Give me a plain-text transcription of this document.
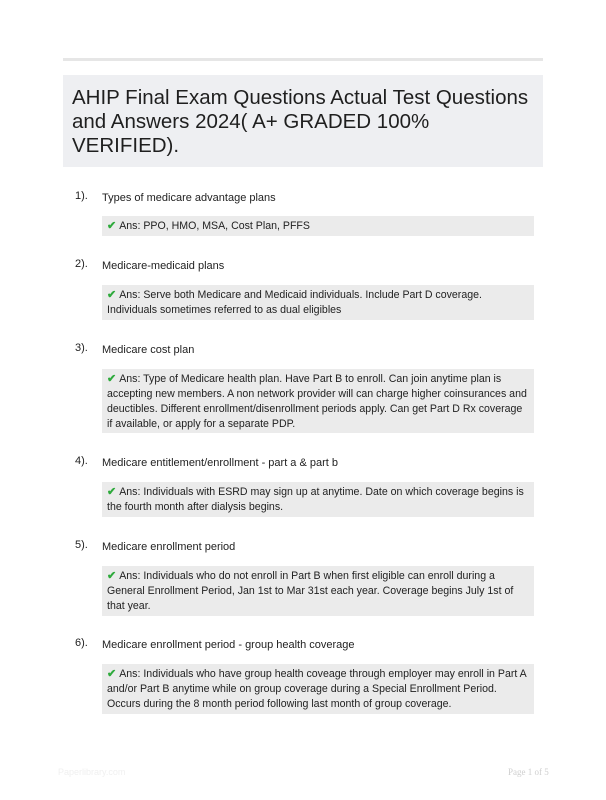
AHIP Final Exam Questions Actual Test Questions and Answers 2024( A+ GRADED 100% VERIFIED).
1). Types of medicare advantage plans
✔ Ans: PPO, HMO, MSA, Cost Plan, PFFS
2). Medicare-medicaid plans
✔ Ans: Serve both Medicare and Medicaid individuals. Include Part D coverage. Individuals sometimes referred to as dual eligibles
3). Medicare cost plan
✔ Ans: Type of Medicare health plan. Have Part B to enroll. Can join anytime plan is accepting new members. A non network provider will can charge higher coinsurances and deuctibles. Different enrollment/disenrollment periods apply. Can get Part D Rx coverage if available, or apply for a separate PDP.
4). Medicare entitlement/enrollment - part a & part b
✔ Ans: Individuals with ESRD may sign up at anytime. Date on which coverage begins is the fourth month after dialysis begins.
5). Medicare enrollment period
✔ Ans: Individuals who do not enroll in Part B when first eligible can enroll during a General Enrollment Period, Jan 1st to Mar 31st each year. Coverage begins July 1st of that year.
6). Medicare enrollment period - group health coverage
✔ Ans: Individuals who have group health coveage through employer may enroll in Part A and/or Part B anytime while on group coverage during a Special Enrollment Period. Occurs during the 8 month period following last month of group coverage.
Paperlibrary.com	Page 1 of 5
